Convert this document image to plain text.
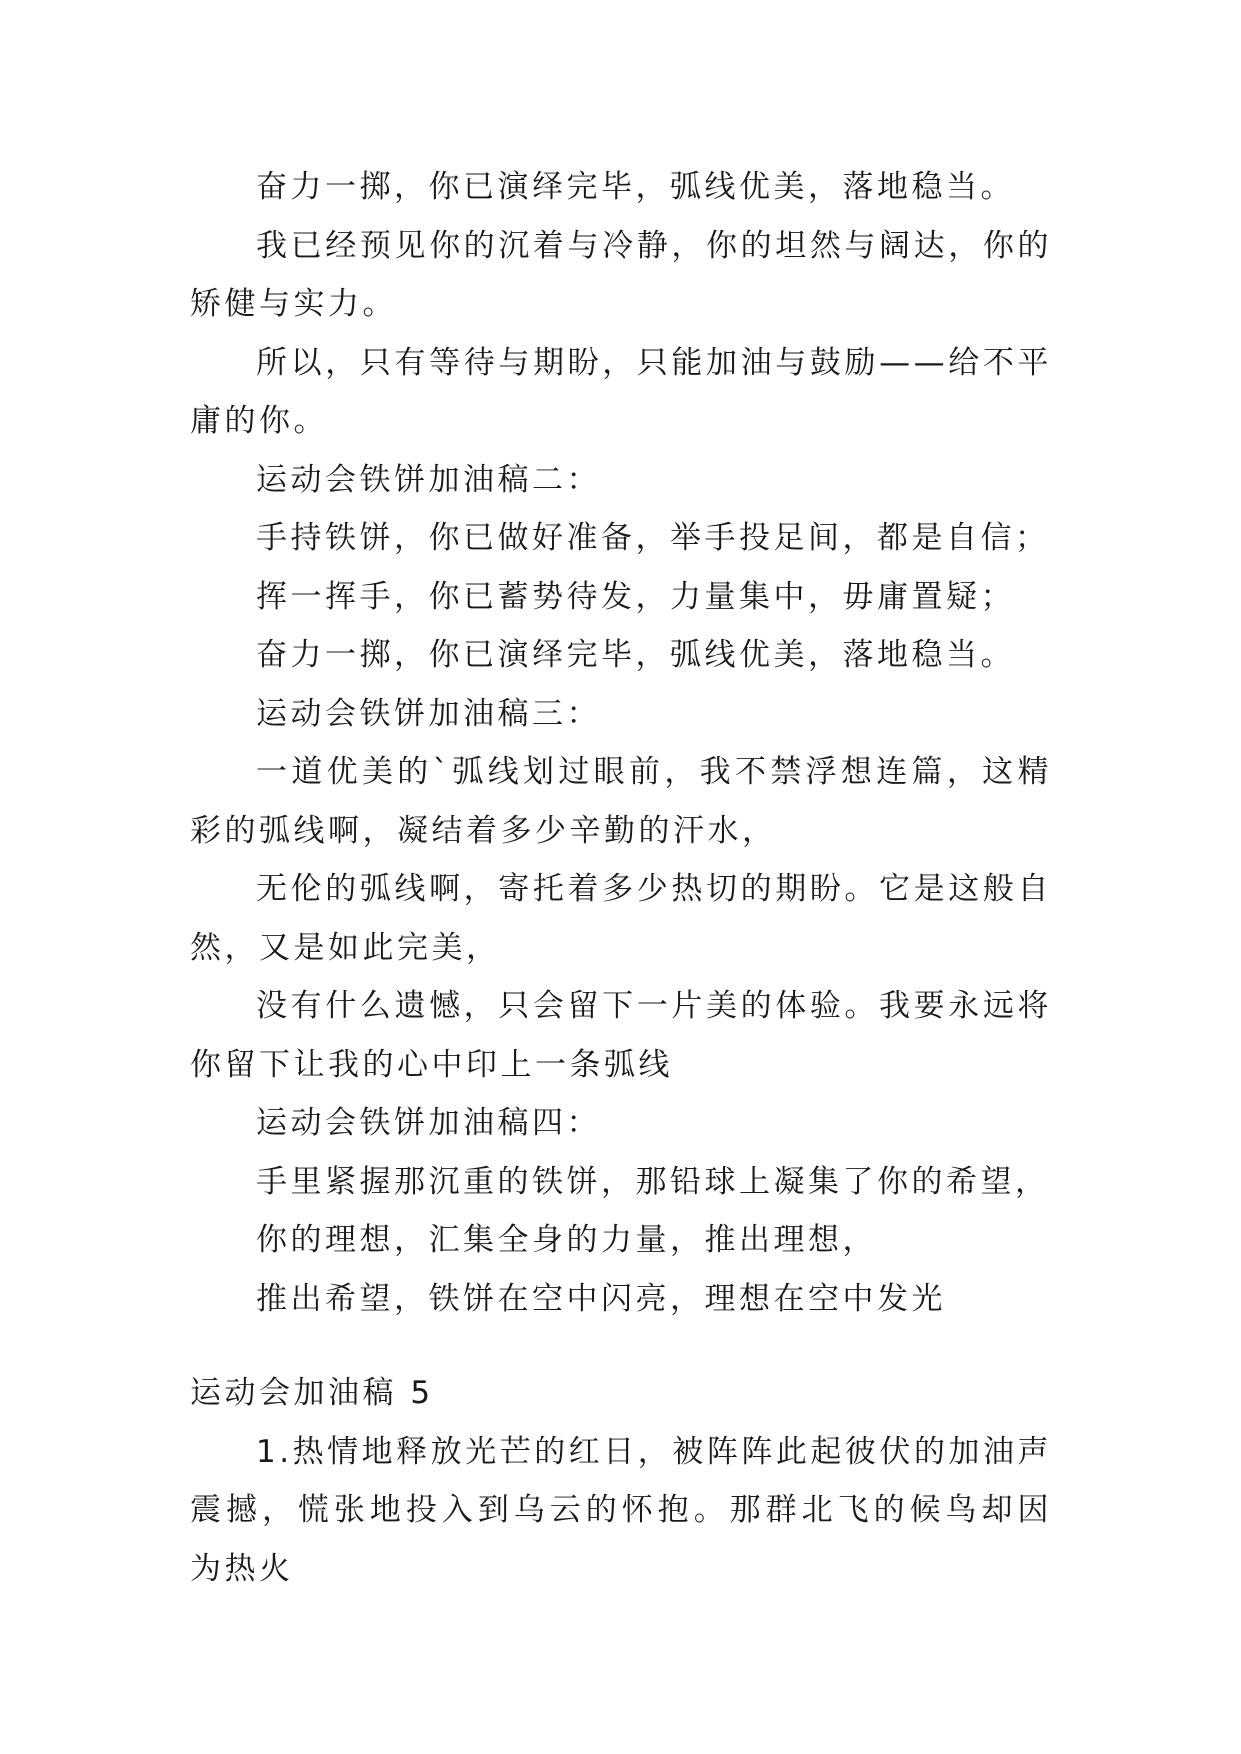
奋力一掷，你已演绎完毕，弧线优美，落地稳当。

我已经预见你的沉着与冷静，你的坦然与阔达，你的矫健与实力。

所以，只有等待与期盼，只能加油与鼓励——给不平庸的你。

运动会铁饼加油稿二：

手持铁饼，你已做好准备，举手投足间，都是自信；

挥一挥手，你已蓄势待发，力量集中，毋庸置疑；

奋力一掷，你已演绎完毕，弧线优美，落地稳当。

运动会铁饼加油稿三：

一道优美的`弧线划过眼前，我不禁浮想连篇，这精彩的弧线啊，凝结着多少辛勤的汗水，

无伦的弧线啊，寄托着多少热切的期盼。它是这般自然，又是如此完美，

没有什么遗憾，只会留下一片美的体验。我要永远将你留下让我的心中印上一条弧线

运动会铁饼加油稿四：

手里紧握那沉重的铁饼，那铅球上凝集了你的希望，

你的理想，汇集全身的力量，推出理想，

推出希望，铁饼在空中闪亮，理想在空中发光

运动会加油稿 5

1.热情地释放光芒的红日，被阵阵此起彼伏的加油声震撼，慌张地投入到乌云的怀抱。那群北飞的候鸟却因为热火
